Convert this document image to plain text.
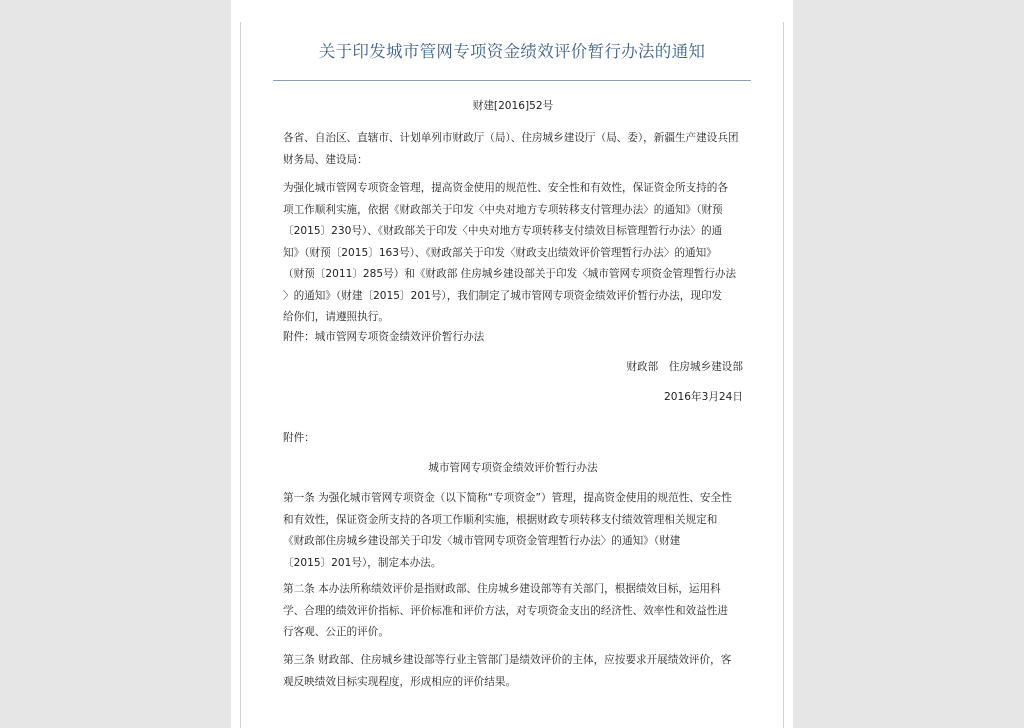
关于印发城市管网专项资金绩效评价暂行办法的通知
财建[2016]52号
各省、自治区、直辖市、计划单列市财政厅（局）、住房城乡建设厅（局、委），新疆生产建设兵团财务局、建设局：
为强化城市管网专项资金管理，提高资金使用的规范性、安全性和有效性，保证资金所支持的各
项工作顺利实施，依据《财政部关于印发〈中央对地方专项转移支付管理办法〉的通知》（财预
〔2015〕230号）、《财政部关于印发〈中央对地方专项转移支付绩效目标管理暂行办法〉的通
知》（财预〔2015〕163号）、《财政部关于印发〈财政支出绩效评价管理暂行办法〉的通知》
（财预〔2011〕285号）和《财政部 住房城乡建设部关于印发〈城市管网专项资金管理暂行办法
〉的通知》（财建〔2015〕201号），我们制定了城市管网专项资金绩效评价暂行办法，现印发
给你们，请遵照执行。
附件：城市管网专项资金绩效评价暂行办法
财政部　住房城乡建设部
2016年3月24日
附件：
城市管网专项资金绩效评价暂行办法
第一条 为强化城市管网专项资金（以下简称“专项资金”）管理，提高资金使用的规范性、安全性
和有效性，保证资金所支持的各项工作顺利实施，根据财政专项转移支付绩效管理相关规定和
《财政部住房城乡建设部关于印发〈城市管网专项资金管理暂行办法〉的通知》（财建
〔2015〕201号），制定本办法。
第二条 本办法所称绩效评价是指财政部、住房城乡建设部等有关部门，根据绩效目标，运用科
学、合理的绩效评价指标、评价标准和评价方法，对专项资金支出的经济性、效率性和效益性进
行客观、公正的评价。
第三条 财政部、住房城乡建设部等行业主管部门是绩效评价的主体，应按要求开展绩效评价，客
观反映绩效目标实现程度，形成相应的评价结果。
